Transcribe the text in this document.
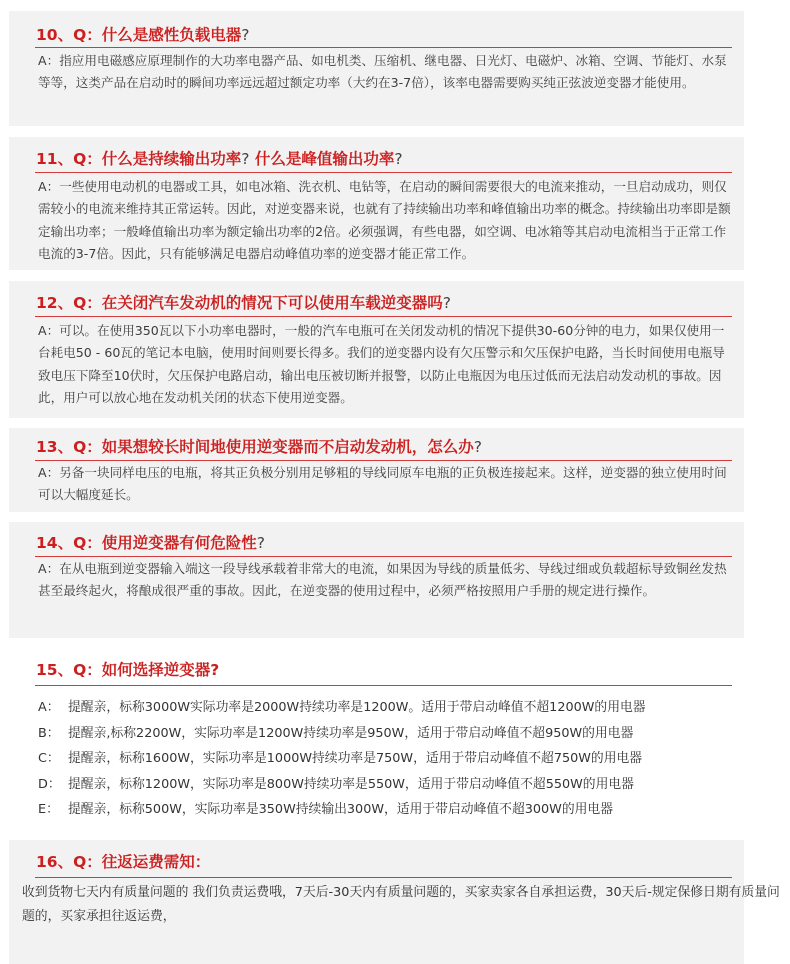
10、Q：什么是感性负载电器?
A：指应用电磁感应原理制作的大功率电器产品、如电机类、压缩机、继电器、日光灯、电磁炉、冰箱、空调、节能灯、水泵等等，这类产品在启动时的瞬间功率远远超过额定功率（大约在3-7倍），该率电器需要购买纯正弦波逆变器才能使用。
11、Q：什么是持续输出功率? 什么是峰值输出功率?
A：一些使用电动机的电器或工具，如电冰箱、洗衣机、电钻等，在启动的瞬间需要很大的电流来推动，一旦启动成功，则仅需较小的电流来维持其正常运转。因此，对逆变器来说，也就有了持续输出功率和峰值输出功率的概念。持续输出功率即是额定输出功率；一般峰值输出功率为额定输出功率的2倍。必须强调，有些电器，如空调、电冰箱等其启动电流相当于正常工作电流的3-7倍。因此，只有能够满足电器启动峰值功率的逆变器才能正常工作。
12、Q：在关闭汽车发动机的情况下可以使用车载逆变器吗?
A：可以。在使用350瓦以下小功率电器时，一般的汽车电瓶可在关闭发动机的情况下提供30-60分钟的电力，如果仅使用一台耗电50 - 60瓦的笔记本电脑，使用时间则要长得多。我们的逆变器内设有欠压警示和欠压保护电路，当长时间使用电瓶导致电压下降至10伏时，欠压保护电路启动，输出电压被切断并报警，以防止电瓶因为电压过低而无法启动发动机的事故。因此，用户可以放心地在发动机关闭的状态下使用逆变器。
13、Q：如果想较长时间地使用逆变器而不启动发动机，怎么办?
A：另备一块同样电压的电瓶，将其正负极分别用足够粗的导线同原车电瓶的正负极连接起来。这样，逆变器的独立使用时间可以大幅度延长。
14、Q：使用逆变器有何危险性?
A：在从电瓶到逆变器输入端这一段导线承载着非常大的电流，如果因为导线的质量低劣、导线过细或负载超标导致铜丝发热甚至最终起火，将酿成很严重的事故。因此，在逆变器的使用过程中，必须严格按照用户手册的规定进行操作。
15、Q：如何选择逆变器?
A： 提醒亲，标称3000W实际功率是2000W持续功率是1200W。适用于带启动峰值不超1200W的用电器
B： 提醒亲,标称2200W，实际功率是1200W持续功率是950W，适用于带启动峰值不超950W的用电器
C： 提醒亲，标称1600W，实际功率是1000W持续功率是750W，适用于带启动峰值不超750W的用电器
D： 提醒亲，标称1200W，实际功率是800W持续功率是550W，适用于带启动峰值不超550W的用电器
E： 提醒亲，标称500W，实际功率是350W持续输出300W，适用于带启动峰值不超300W的用电器
16、Q：往返运费需知：
收到货物七天内有质量问题的 我们负责运费哦，7天后-30天内有质量问题的，买家卖家各自承担运费，30天后-规定保修日期有质量问题的，买家承担往返运费，
